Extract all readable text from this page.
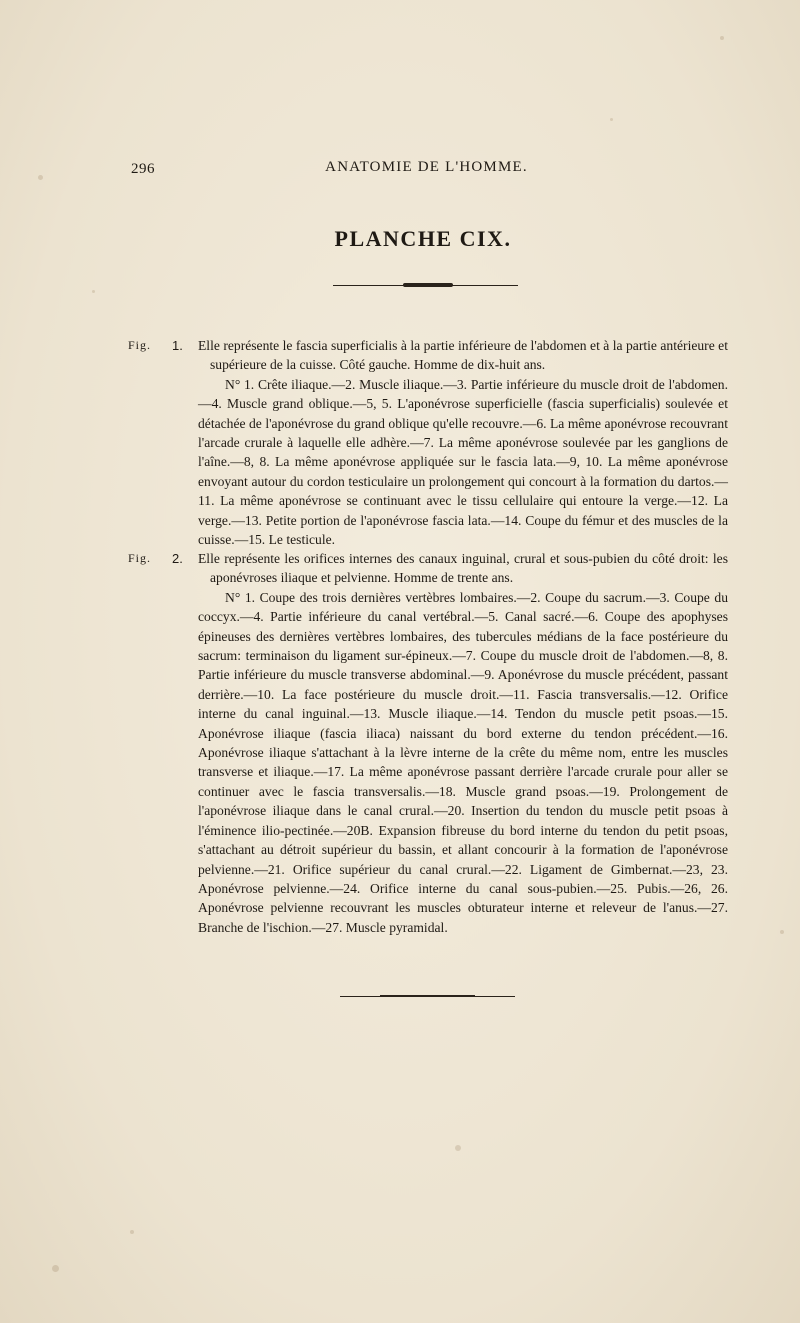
296	ANATOMIE DE L'HOMME.
PLANCHE CIX.
Fig. 1. Elle représente le fascia superficialis à la partie inférieure de l'abdomen et à la partie antérieure et supérieure de la cuisse. Côté gauche. Homme de dix-huit ans.

N° 1. Crête iliaque.—2. Muscle iliaque.—3. Partie inférieure du muscle droit de l'abdomen.—4. Muscle grand oblique.—5, 5. L'aponévrose superficielle (fascia superficialis) soulevée et détachée de l'aponévrose du grand oblique qu'elle recouvre.—6. La même aponévrose recouvrant l'arcade crurale à laquelle elle adhère.—7. La même aponévrose soulevée par les ganglions de l'aîne.—8, 8. La même aponévrose appliquée sur le fascia lata.—9, 10. La même aponévrose envoyant autour du cordon testiculaire un prolongement qui concourt à la formation du dartos.—11. La même aponévrose se continuant avec le tissu cellulaire qui entoure la verge.—12. La verge.—13. Petite portion de l'aponévrose fascia lata.—14. Coupe du fémur et des muscles de la cuisse.—15. Le testicule.

Fig. 2. Elle représente les orifices internes des canaux inguinal, crural et sous-pubien du côté droit: les aponévroses iliaque et pelvienne. Homme de trente ans.

N° 1. Coupe des trois dernières vertèbres lombaires.—2. Coupe du sacrum.—3. Coupe du coccyx.—4. Partie inférieure du canal vertébral.—5. Canal sacré.—6. Coupe des apophyses épineuses des dernières vertèbres lombaires, des tubercules médians de la face postérieure du sacrum: terminaison du ligament sur-épineux.—7. Coupe du muscle droit de l'abdomen.—8, 8. Partie inférieure du muscle transverse abdominal.—9. Aponévrose du muscle précédent, passant derrière.—10. La face postérieure du muscle droit.—11. Fascia transversalis.—12. Orifice interne du canal inguinal.—13. Muscle iliaque.—14. Tendon du muscle petit psoas.—15. Aponévrose iliaque (fascia iliaca) naissant du bord externe du tendon précédent.—16. Aponévrose iliaque s'attachant à la lèvre interne de la crête du même nom, entre les muscles transverse et iliaque.—17. La même aponévrose passant derrière l'arcade crurale pour aller se continuer avec le fascia transversalis.—18. Muscle grand psoas.—19. Prolongement de l'aponévrose iliaque dans le canal crural.—20. Insertion du tendon du muscle petit psoas à l'éminence ilio-pectinée.—20B. Expansion fibreuse du bord interne du tendon du petit psoas, s'attachant au détroit supérieur du bassin, et allant concourir à la formation de l'aponévrose pelvienne.—21. Orifice supérieur du canal crural.—22. Ligament de Gimbernat.—23, 23. Aponévrose pelvienne.—24. Orifice interne du canal sous-pubien.—25. Pubis.—26, 26. Aponévrose pelvienne recouvrant les muscles obturateur interne et releveur de l'anus.—27. Branche de l'ischion.—27. Muscle pyramidal.
